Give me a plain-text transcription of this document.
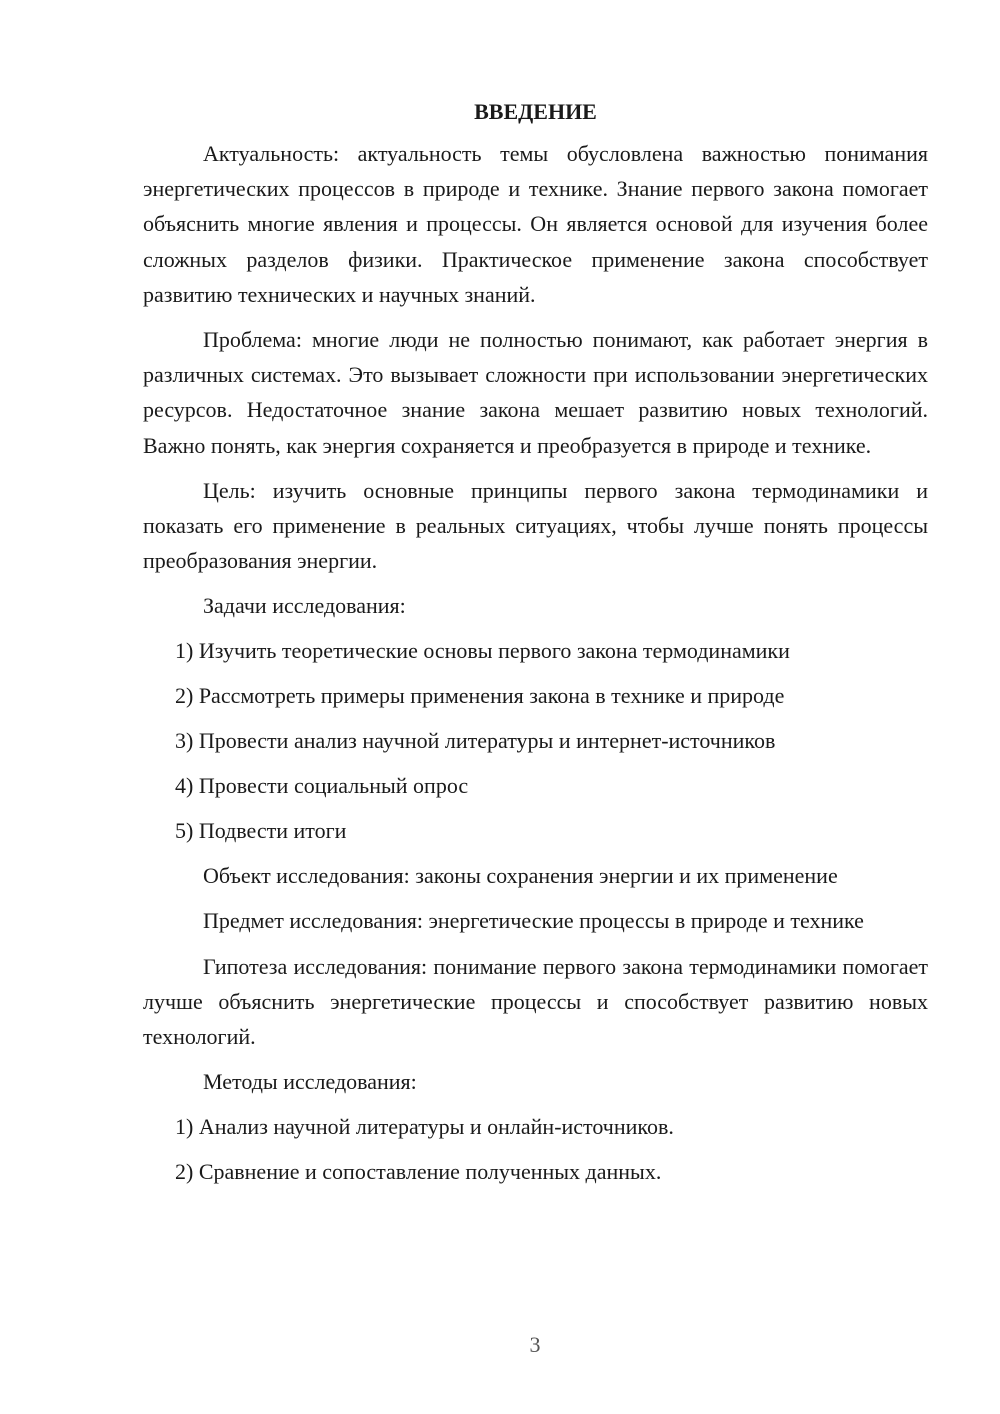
ВВЕДЕНИЕ

Актуальность: актуальность темы обусловлена важностью понимания энергетических процессов в природе и технике. Знание первого закона помогает объяснить многие явления и процессы. Он является основой для изучения более сложных разделов физики. Практическое применение закона способствует развитию технических и научных знаний.

Проблема: многие люди не полностью понимают, как работает энергия в различных системах. Это вызывает сложности при использовании энергетических ресурсов. Недостаточное знание закона мешает развитию новых технологий. Важно понять, как энергия сохраняется и преобразуется в природе и технике.

Цель: изучить основные принципы первого закона термодинамики и показать его применение в реальных ситуациях, чтобы лучше понять процессы преобразования энергии.

Задачи исследования:
1) Изучить теоретические основы первого закона термодинамики
2) Рассмотреть примеры применения закона в технике и природе
3) Провести анализ научной литературы и интернет-источников
4) Провести социальный опрос
5) Подвести итоги
Объект исследования: законы сохранения энергии и их применение

Предмет исследования: энергетические процессы в природе и технике

Гипотеза исследования: понимание первого закона термодинамики помогает лучше объяснить энергетические процессы и способствует развитию новых технологий.

Методы исследования:
1) Анализ научной литературы и онлайн-источников.
2) Сравнение и сопоставление полученных данных.
3
